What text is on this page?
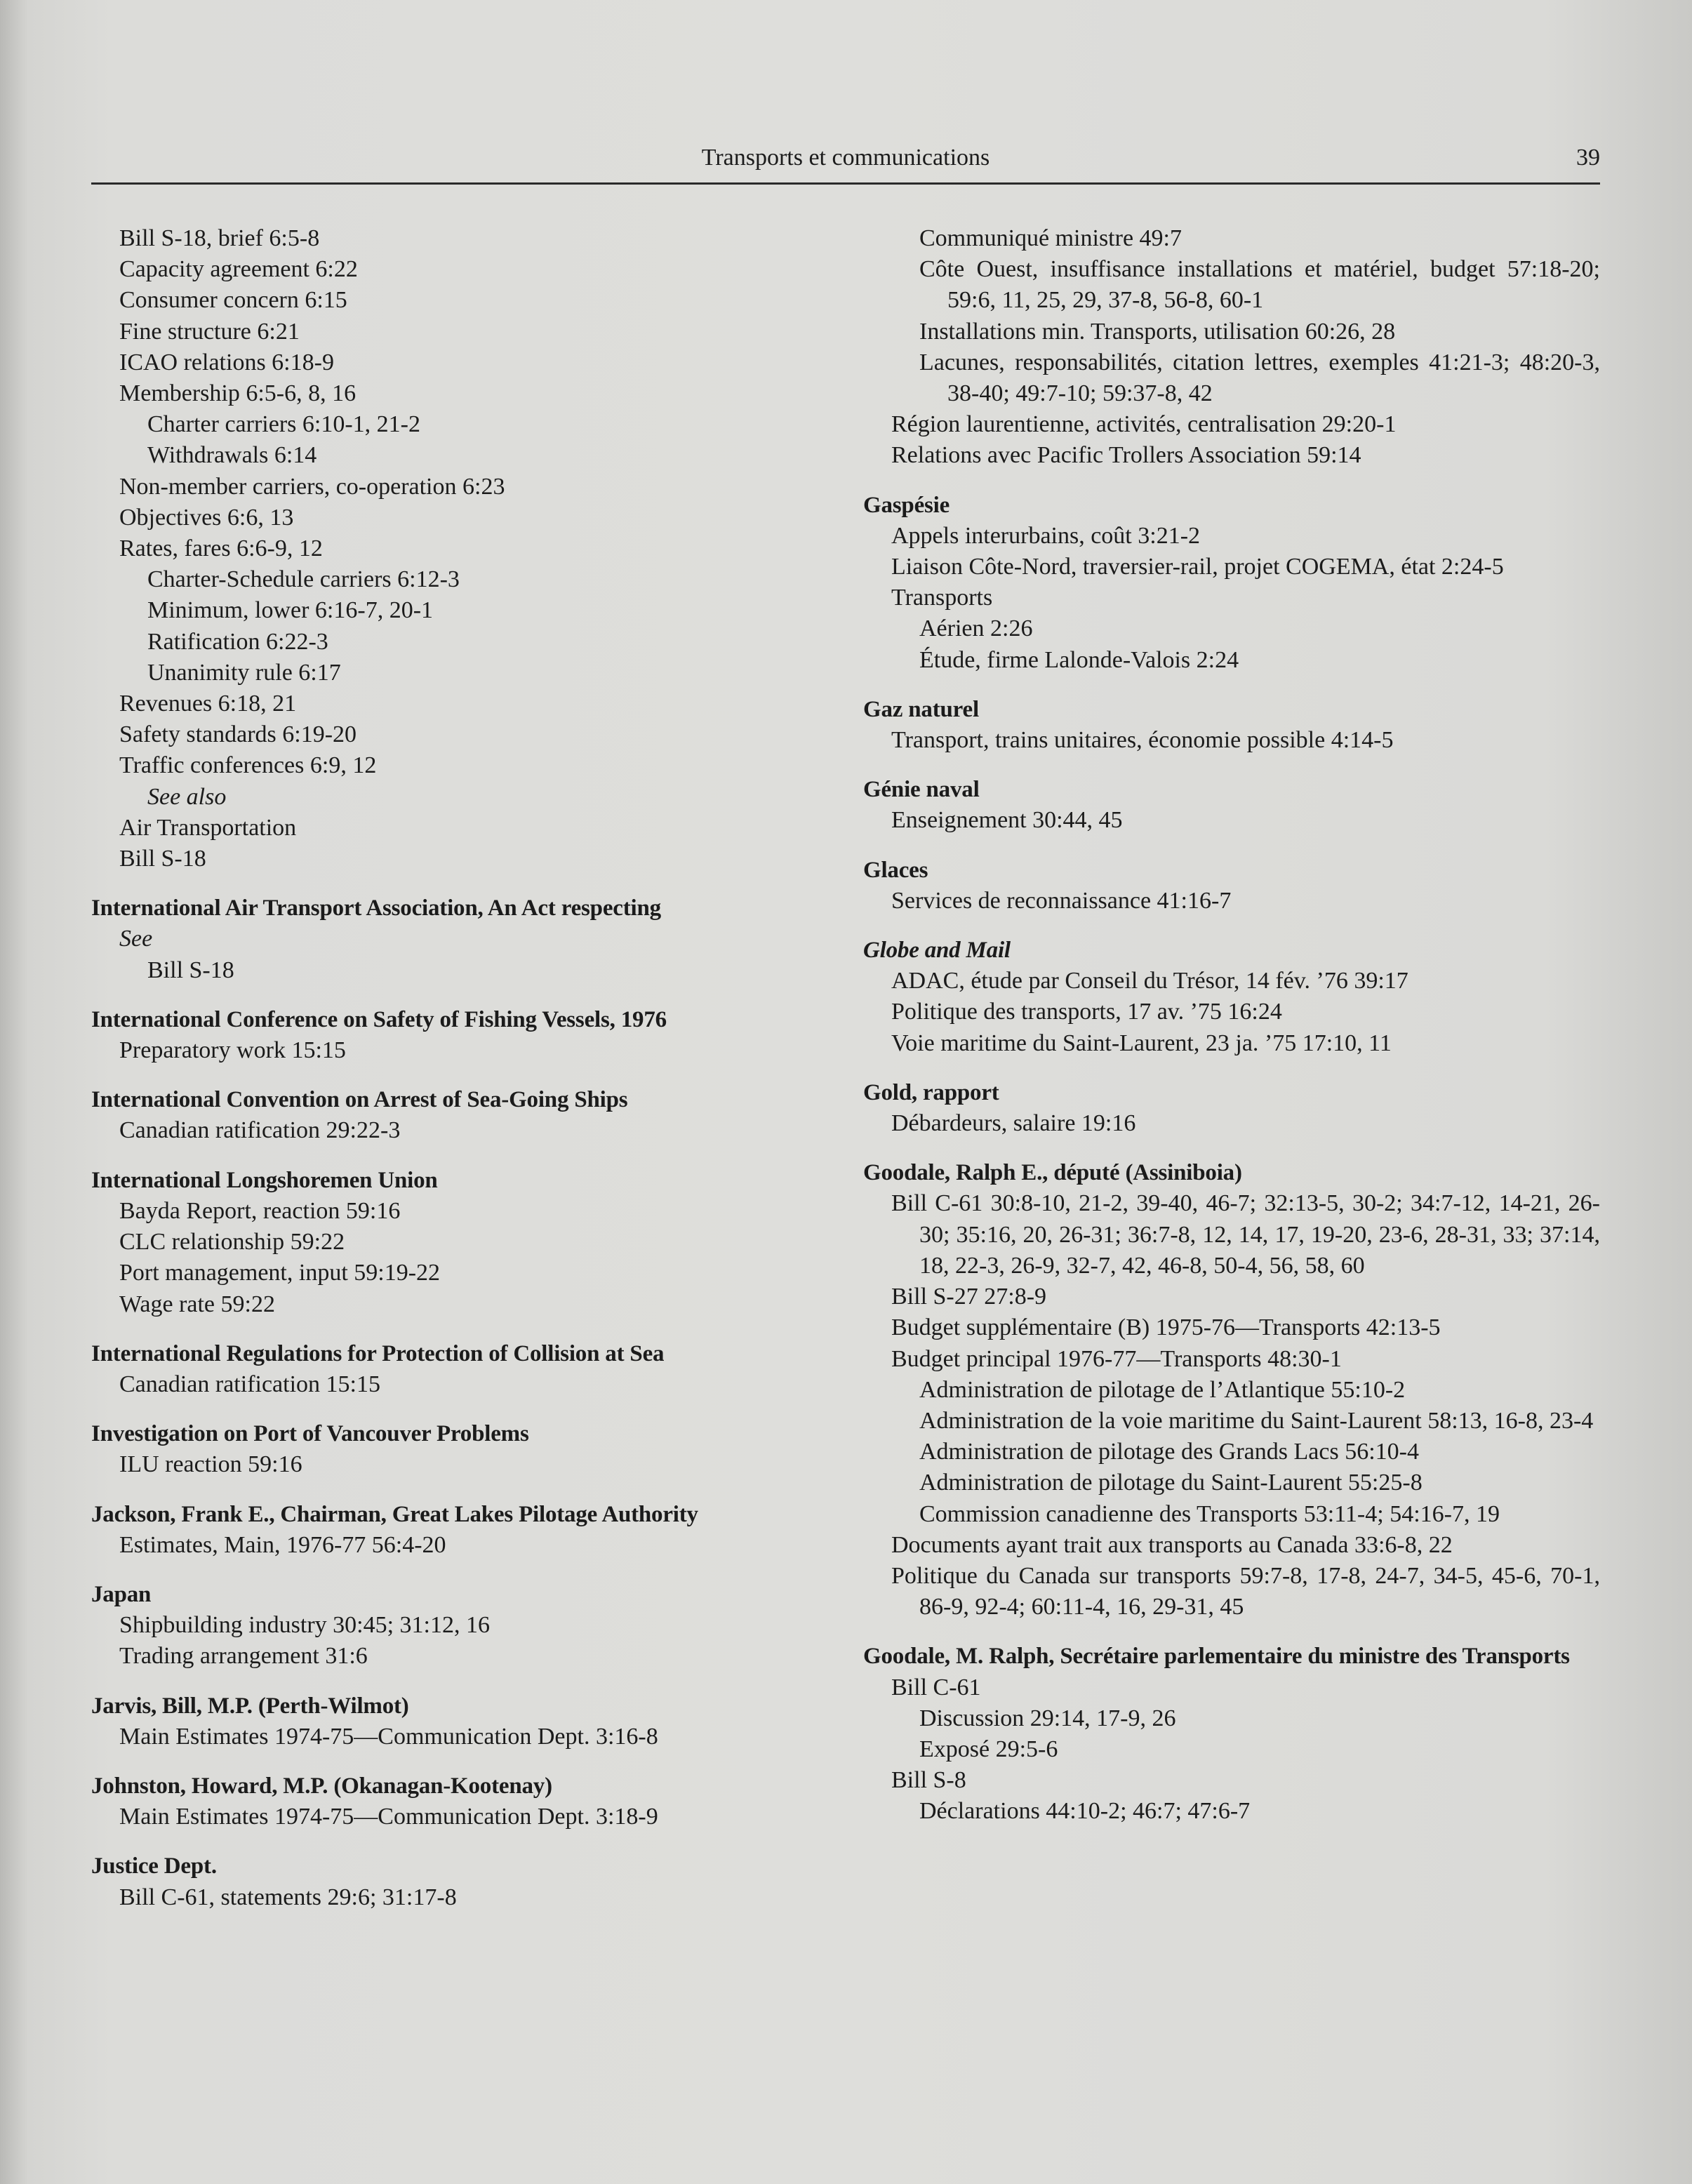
Transports et communications	39
Bill S-18, brief 6:5-8
Capacity agreement 6:22
Consumer concern 6:15
Fine structure 6:21
ICAO relations 6:18-9
Membership 6:5-6, 8, 16
Charter carriers 6:10-1, 21-2
Withdrawals 6:14
Non-member carriers, co-operation 6:23
Objectives 6:6, 13
Rates, fares 6:6-9, 12
Charter-Schedule carriers 6:12-3
Minimum, lower 6:16-7, 20-1
Ratification 6:22-3
Unanimity rule 6:17
Revenues 6:18, 21
Safety standards 6:19-20
Traffic conferences 6:9, 12
See also
Air Transportation
Bill S-18
International Air Transport Association, An Act respecting
See
Bill S-18
International Conference on Safety of Fishing Vessels, 1976
Preparatory work 15:15
International Convention on Arrest of Sea-Going Ships
Canadian ratification 29:22-3
International Longshoremen Union
Bayda Report, reaction 59:16
CLC relationship 59:22
Port management, input 59:19-22
Wage rate 59:22
International Regulations for Protection of Collision at Sea
Canadian ratification 15:15
Investigation on Port of Vancouver Problems
ILU reaction 59:16
Jackson, Frank E., Chairman, Great Lakes Pilotage Authority
Estimates, Main, 1976-77 56:4-20
Japan
Shipbuilding industry 30:45; 31:12, 16
Trading arrangement 31:6
Jarvis, Bill, M.P. (Perth-Wilmot)
Main Estimates 1974-75—Communication Dept. 3:16-8
Johnston, Howard, M.P. (Okanagan-Kootenay)
Main Estimates 1974-75—Communication Dept. 3:18-9
Justice Dept.
Bill C-61, statements 29:6; 31:17-8
Communiqué ministre 49:7
Côte Ouest, insuffisance installations et matériel, budget 57:18-20; 59:6, 11, 25, 29, 37-8, 56-8, 60-1
Installations min. Transports, utilisation 60:26, 28
Lacunes, responsabilités, citation lettres, exemples 41:21-3; 48:20-3, 38-40; 49:7-10; 59:37-8, 42
Région laurentienne, activités, centralisation 29:20-1
Relations avec Pacific Trollers Association 59:14
Gaspésie
Appels interurbains, coût 3:21-2
Liaison Côte-Nord, traversier-rail, projet COGEMA, état 2:24-5
Transports
Aérien 2:26
Étude, firme Lalonde-Valois 2:24
Gaz naturel
Transport, trains unitaires, économie possible 4:14-5
Génie naval
Enseignement 30:44, 45
Glaces
Services de reconnaissance 41:16-7
Globe and Mail
ADAC, étude par Conseil du Trésor, 14 fév. ’76 39:17
Politique des transports, 17 av. ’75 16:24
Voie maritime du Saint-Laurent, 23 ja. ’75 17:10, 11
Gold, rapport
Débardeurs, salaire 19:16
Goodale, Ralph E., député (Assiniboia)
Bill C-61 30:8-10, 21-2, 39-40, 46-7; 32:13-5, 30-2; 34:7-12, 14-21, 26-30; 35:16, 20, 26-31; 36:7-8, 12, 14, 17, 19-20, 23-6, 28-31, 33; 37:14, 18, 22-3, 26-9, 32-7, 42, 46-8, 50-4, 56, 58, 60
Bill S-27 27:8-9
Budget supplémentaire (B) 1975-76—Transports 42:13-5
Budget principal 1976-77—Transports 48:30-1
Administration de pilotage de l’Atlantique 55:10-2
Administration de la voie maritime du Saint-Laurent 58:13, 16-8, 23-4
Administration de pilotage des Grands Lacs 56:10-4
Administration de pilotage du Saint-Laurent 55:25-8
Commission canadienne des Transports 53:11-4; 54:16-7, 19
Documents ayant trait aux transports au Canada 33:6-8, 22
Politique du Canada sur transports 59:7-8, 17-8, 24-7, 34-5, 45-6, 70-1, 86-9, 92-4; 60:11-4, 16, 29-31, 45
Goodale, M. Ralph, Secrétaire parlementaire du ministre des Transports
Bill C-61
Discussion 29:14, 17-9, 26
Exposé 29:5-6
Bill S-8
Déclarations 44:10-2; 46:7; 47:6-7
